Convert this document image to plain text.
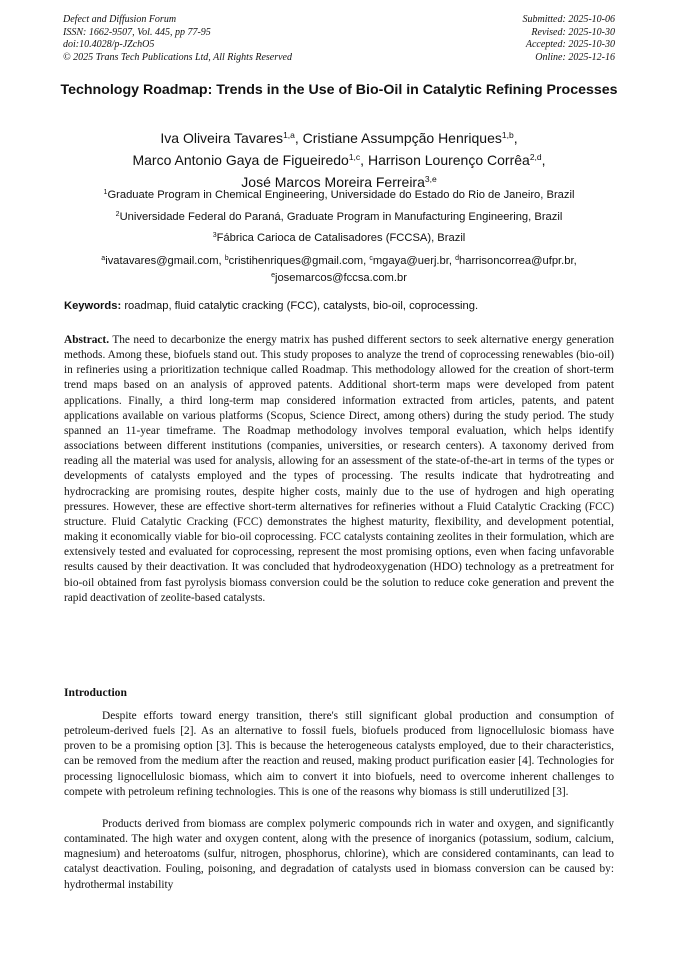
Defect and Diffusion Forum
ISSN: 1662-9507, Vol. 445, pp 77-95
doi:10.4028/p-JZchO5
© 2025 Trans Tech Publications Ltd, All Rights Reserved
Submitted: 2025-10-06
Revised: 2025-10-30
Accepted: 2025-10-30
Online: 2025-12-16
Technology Roadmap: Trends in the Use of Bio-Oil in Catalytic Refining Processes
Iva Oliveira Tavares$^{1,a}$, Cristiane Assumpção Henriques$^{1,b}$,
Marco Antonio Gaya de Figueiredo$^{1,c}$, Harrison Lourenço Corrêa$^{2,d}$,
José Marcos Moreira Ferreira$^{3,e}$
$^1$Graduate Program in Chemical Engineering, Universidade do Estado do Rio de Janeiro, Brazil
$^2$Universidade Federal do Paraná, Graduate Program in Manufacturing Engineering, Brazil
$^3$Fábrica Carioca de Catalisadores (FCCSA), Brazil
$^a$ivatavares@gmail.com, $^b$cristihenriques@gmail.com, $^c$mgaya@uerj.br, $^d$harrisoncorrea@ufpr.br,
$^e$josemarcos@fccsa.com.br
Keywords: roadmap, fluid catalytic cracking (FCC), catalysts, bio-oil, coprocessing.

Abstract. The need to decarbonize the energy matrix has pushed different sectors to seek alternative energy generation methods. Among these, biofuels stand out. This study proposes to analyze the trend of coprocessing renewables (bio-oil) in refineries using a prioritization technique called Roadmap. This methodology allowed for the creation of short-term trend maps based on an analysis of approved patents. Additional short-term maps were developed from patent applications. Finally, a third long-term map considered information extracted from articles, patents, and patent applications available on various platforms (Scopus, Science Direct, among others) during the study period. The study spanned an 11-year timeframe. The Roadmap methodology involves temporal evaluation, which helps identify associations between different institutions (companies, universities, or research centers). A taxonomy derived from reading all the material was used for analysis, allowing for an assessment of the state-of-the-art in terms of the types or developments of catalysts employed and the types of processing. The results indicate that hydrotreating and hydrocracking are promising routes, despite higher costs, mainly due to the use of hydrogen and high operating pressures. However, these are effective short-term alternatives for refineries without a Fluid Catalytic Cracking (FCC) structure. Fluid Catalytic Cracking (FCC) demonstrates the highest maturity, flexibility, and development potential, making it economically viable for bio-oil coprocessing. FCC catalysts containing zeolites in their formulation, which are extensively tested and evaluated for coprocessing, represent the most promising options, even when facing unfavorable results caused by their deactivation. It was concluded that hydrodeoxygenation (HDO) technology as a pretreatment for bio-oil obtained from fast pyrolysis biomass conversion could be the solution to reduce coke generation and prevent the rapid deactivation of zeolite-based catalysts.

Introduction

Despite efforts toward energy transition, there's still significant global production and consumption of petroleum-derived fuels [2]. As an alternative to fossil fuels, biofuels produced from lignocellulosic biomass have proven to be a promising option [3]. This is because the heterogeneous catalysts employed, due to their characteristics, can be removed from the medium after the reaction and reused, making product purification easier [4]. Technologies for processing lignocellulosic biomass, which aim to convert it into biofuels, need to overcome inherent challenges to compete with petroleum refining technologies. This is one of the reasons why biomass is still underutilized [3].

Products derived from biomass are complex polymeric compounds rich in water and oxygen, and significantly contaminated. The high water and oxygen content, along with the presence of inorganics (potassium, sodium, calcium, magnesium) and heteroatoms (sulfur, nitrogen, phosphorus, chlorine), which are considered contaminants, can lead to catalyst deactivation. Fouling, poisoning, and degradation of catalysts used in biomass conversion can be caused by: hydrothermal instability
